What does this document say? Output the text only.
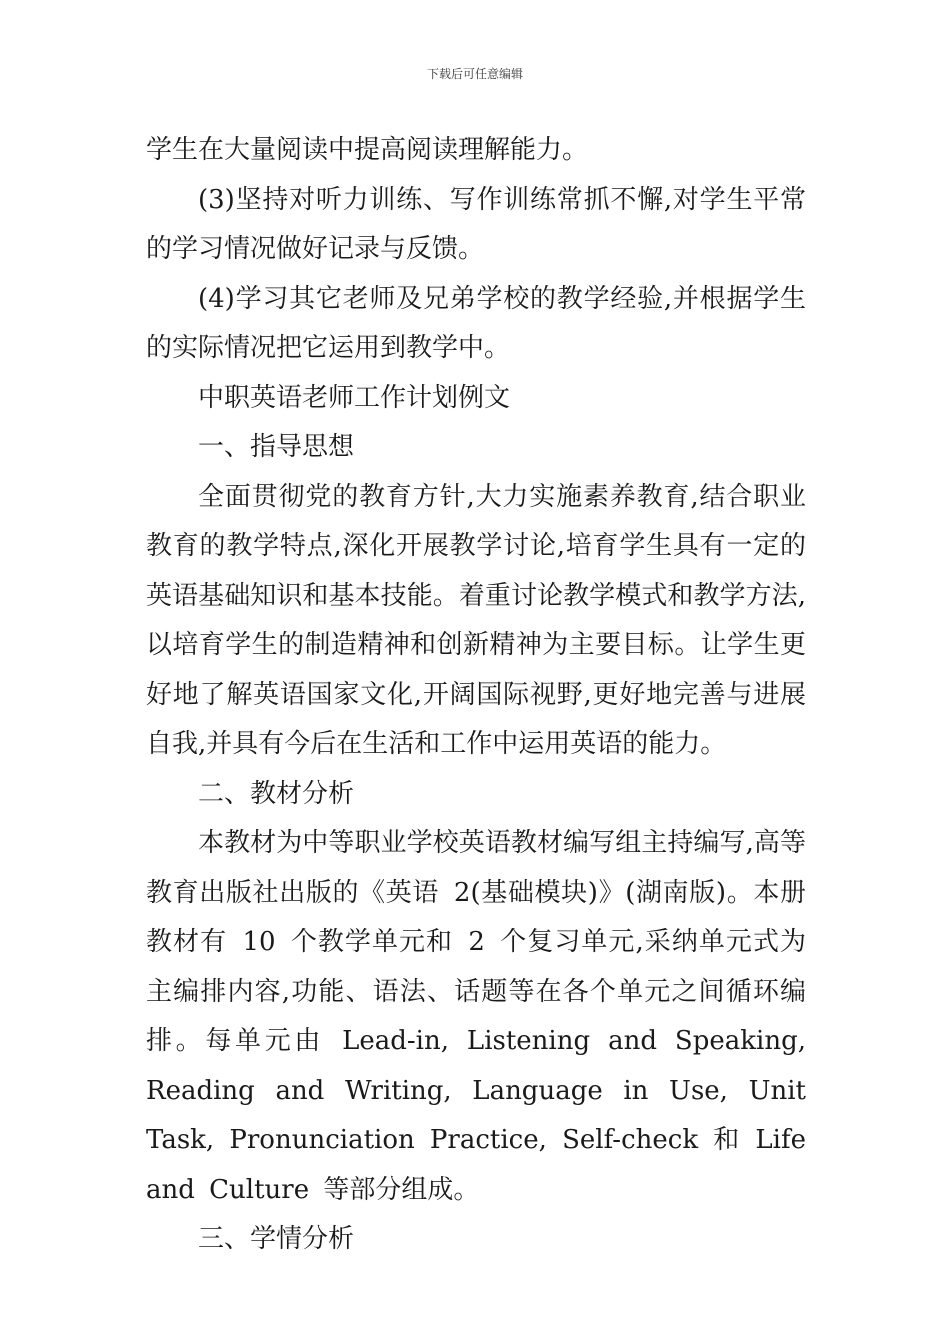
下载后可任意编辑

学生在大量阅读中提高阅读理解能力。

(3)坚持对听力训练、写作训练常抓不懈,对学生平常的学习情况做好记录与反馈。

(4)学习其它老师及兄弟学校的教学经验,并根据学生的实际情况把它运用到教学中。

中职英语老师工作计划例文

一、指导思想

全面贯彻党的教育方针,大力实施素养教育,结合职业教育的教学特点,深化开展教学讨论,培育学生具有一定的英语基础知识和基本技能。着重讨论教学模式和教学方法,以培育学生的制造精神和创新精神为主要目标。让学生更好地了解英语国家文化,开阔国际视野,更好地完善与进展自我,并具有今后在生活和工作中运用英语的能力。

二、教材分析

本教材为中等职业学校英语教材编写组主持编写,高等教育出版社出版的《英语 2(基础模块)》(湖南版)。本册教材有 10 个教学单元和 2 个复习单元,采纳单元式为主编排内容,功能、语法、话题等在各个单元之间循环编排。每单元由 Lead-in, Listening and Speaking, Reading and Writing, Language in Use, Unit Task, Pronunciation Practice, Self-check 和 Life and Culture 等部分组成。

三、学情分析
